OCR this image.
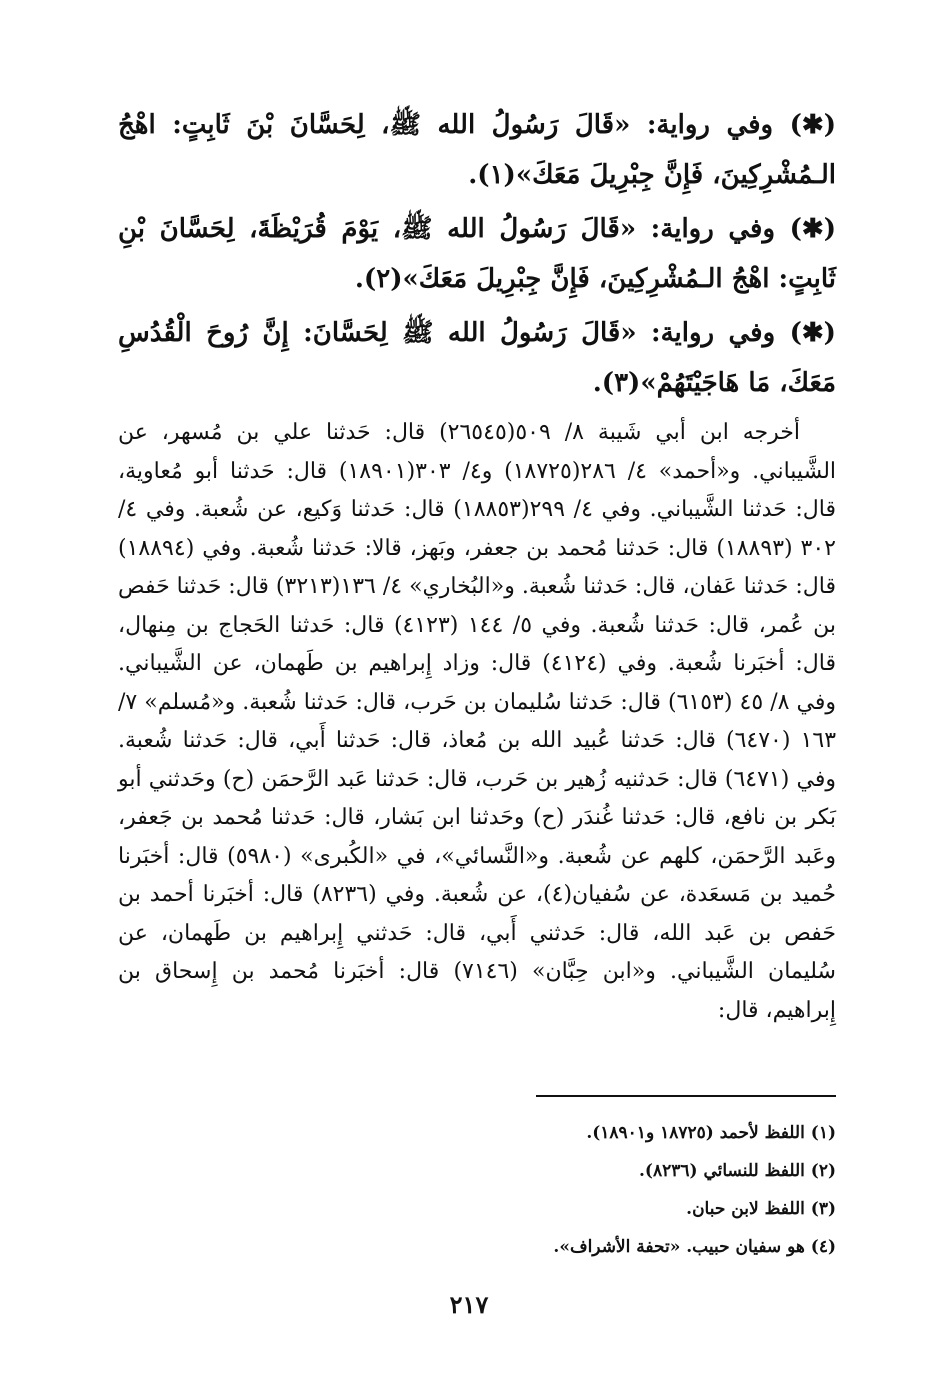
(✱) وفي رواية: «قَالَ رَسُولُ الله ﷺ، لِحَسَّانَ بْنَ ثَابِتٍ: اهْجُ الـمُشْرِكِينَ، فَإِنَّ جِبْرِيلَ مَعَكَ»(١).

(✱) وفي رواية: «قَالَ رَسُولُ الله ﷺ، يَوْمَ قُرَيْظَةَ، لِحَسَّانَ بْنِ ثَابِتٍ: اهْجُ الـمُشْرِكِينَ، فَإِنَّ جِبْرِيلَ مَعَكَ»(٢).

(✱) وفي رواية: «قَالَ رَسُولُ الله ﷺ لِحَسَّانَ: إِنَّ رُوحَ الْقُدُسِ مَعَكَ، مَا هَاجَيْتَهُمْ»(٣).

أخرجه ابن أبي شَيبة ٨/ ٥٠٩(٢٦٥٤٥) قال: حَدثنا علي بن مُسهر، عن الشَّيباني. و«أحمد» ٤/ ٢٨٦(١٨٧٢٥) و٤/ ٣٠٣(١٨٩٠١) قال: حَدثنا أبو مُعاوية، قال: حَدثنا الشَّيباني. وفي ٤/ ٢٩٩(١٨٨٥٣) قال: حَدثنا وَكيع، عن شُعبة. وفي ٤/ ٣٠٢ (١٨٨٩٣) قال: حَدثنا مُحمد بن جعفر، وبَهز، قالا: حَدثنا شُعبة. وفي (١٨٨٩٤) قال: حَدثنا عَفان، قال: حَدثنا شُعبة. و«البُخاري» ٤/ ١٣٦(٣٢١٣) قال: حَدثنا حَفص بن عُمر، قال: حَدثنا شُعبة. وفي ٥/ ١٤٤ (٤١٢٣) قال: حَدثنا الحَجاج بن مِنهال، قال: أخبَرنا شُعبة. وفي (٤١٢٤) قال: وزاد إِبراهيم بن طَهمان، عن الشَّيباني. وفي ٨/ ٤٥ (٦١٥٣) قال: حَدثنا سُليمان بن حَرب، قال: حَدثنا شُعبة. و«مُسلم» ٧/ ١٦٣ (٦٤٧٠) قال: حَدثنا عُبيد الله بن مُعاذ، قال: حَدثنا أَبي، قال: حَدثنا شُعبة. وفي (٦٤٧١) قال: حَدثنيه زُهير بن حَرب، قال: حَدثنا عَبد الرَّحمَن (ح) وحَدثني أبو بَكر بن نافع، قال: حَدثنا غُندَر (ح) وحَدثنا ابن بَشار، قال: حَدثنا مُحمد بن جَعفر، وعَبد الرَّحمَن، كلهم عن شُعبة. و«النَّسائي»، في «الكُبرى» (٥٩٨٠) قال: أخبَرنا حُميد بن مَسعَدة، عن سُفيان(٤)، عن شُعبة. وفي (٨٢٣٦) قال: أخبَرنا أحمد بن حَفص بن عَبد الله، قال: حَدثني أَبي، قال: حَدثني إِبراهيم بن طَهمان، عن سُليمان الشَّيباني. و«ابن حِبَّان» (٧١٤٦) قال: أخبَرنا مُحمد بن إِسحاق بن إِبراهيم، قال:

(١) اللفظ لأحمد (١٨٧٢٥ و١٨٩٠١).
(٢) اللفظ للنسائي (٨٢٣٦).
(٣) اللفظ لابن حبان.
(٤) هو سفيان حبيب. «تحفة الأشراف».
٢١٧
